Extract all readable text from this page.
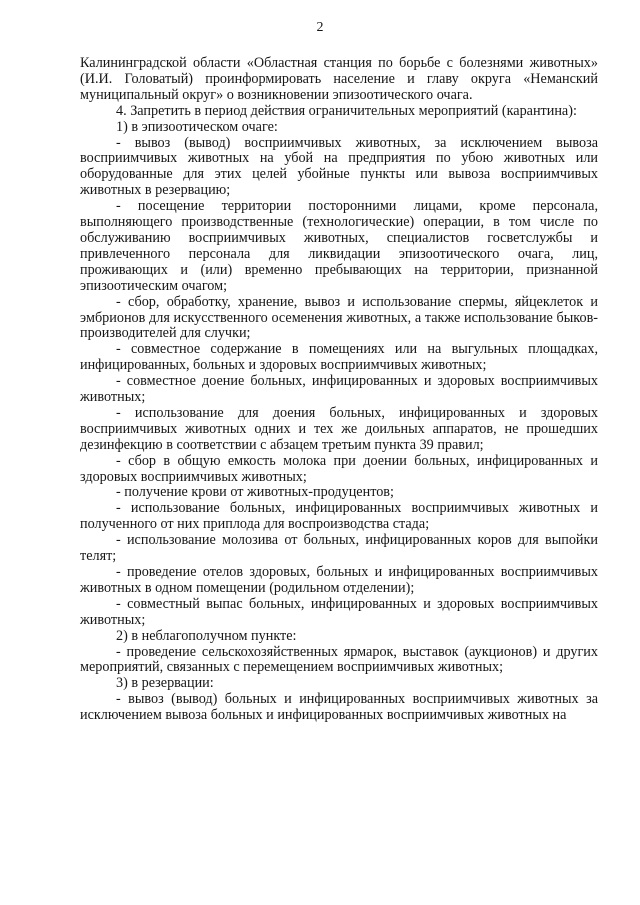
2

Калининградской области «Областная станция по борьбе с болезнями животных» (И.И. Головатый) проинформировать население и главу округа «Неманский муниципальный округ» о возникновении эпизоотического очага.

4. Запретить в период действия ограничительных мероприятий (карантина):

1) в эпизоотическом очаге:

- вывоз (вывод) восприимчивых животных, за исключением вывоза восприимчивых животных на убой на предприятия по убою животных или оборудованные для этих целей убойные пункты или вывоза восприимчивых животных в резервацию;

- посещение территории посторонними лицами, кроме персонала, выполняющего производственные (технологические) операции, в том числе по обслуживанию восприимчивых животных, специалистов госветслужбы и привлеченного персонала для ликвидации эпизоотического очага, лиц, проживающих и (или) временно пребывающих на территории, признанной эпизоотическим очагом;

- сбор, обработку, хранение, вывоз и использование спермы, яйцеклеток и эмбрионов для искусственного осеменения животных, а также использование быков-производителей для случки;

- совместное содержание в помещениях или на выгульных площадках, инфицированных, больных и здоровых восприимчивых животных;

- совместное доение больных, инфицированных и здоровых восприимчивых животных;

- использование для доения больных, инфицированных и здоровых восприимчивых животных одних и тех же доильных аппаратов, не прошедших дезинфекцию в соответствии с абзацем третьим пункта 39 правил;

- сбор в общую емкость молока при доении больных, инфицированных и здоровых восприимчивых животных;

- получение крови от животных-продуцентов;

- использование больных, инфицированных восприимчивых животных и полученного от них приплода для воспроизводства стада;

- использование молозива от больных, инфицированных коров для выпойки телят;

- проведение отелов здоровых, больных и инфицированных восприимчивых животных в одном помещении (родильном отделении);

- совместный выпас больных, инфицированных и здоровых восприимчивых животных;

2) в неблагополучном пункте:

- проведение сельскохозяйственных ярмарок, выставок (аукционов) и других мероприятий, связанных с перемещением восприимчивых животных;

3) в резервации:

- вывоз (вывод) больных и инфицированных восприимчивых животных за исключением вывоза больных и инфицированных восприимчивых животных на
